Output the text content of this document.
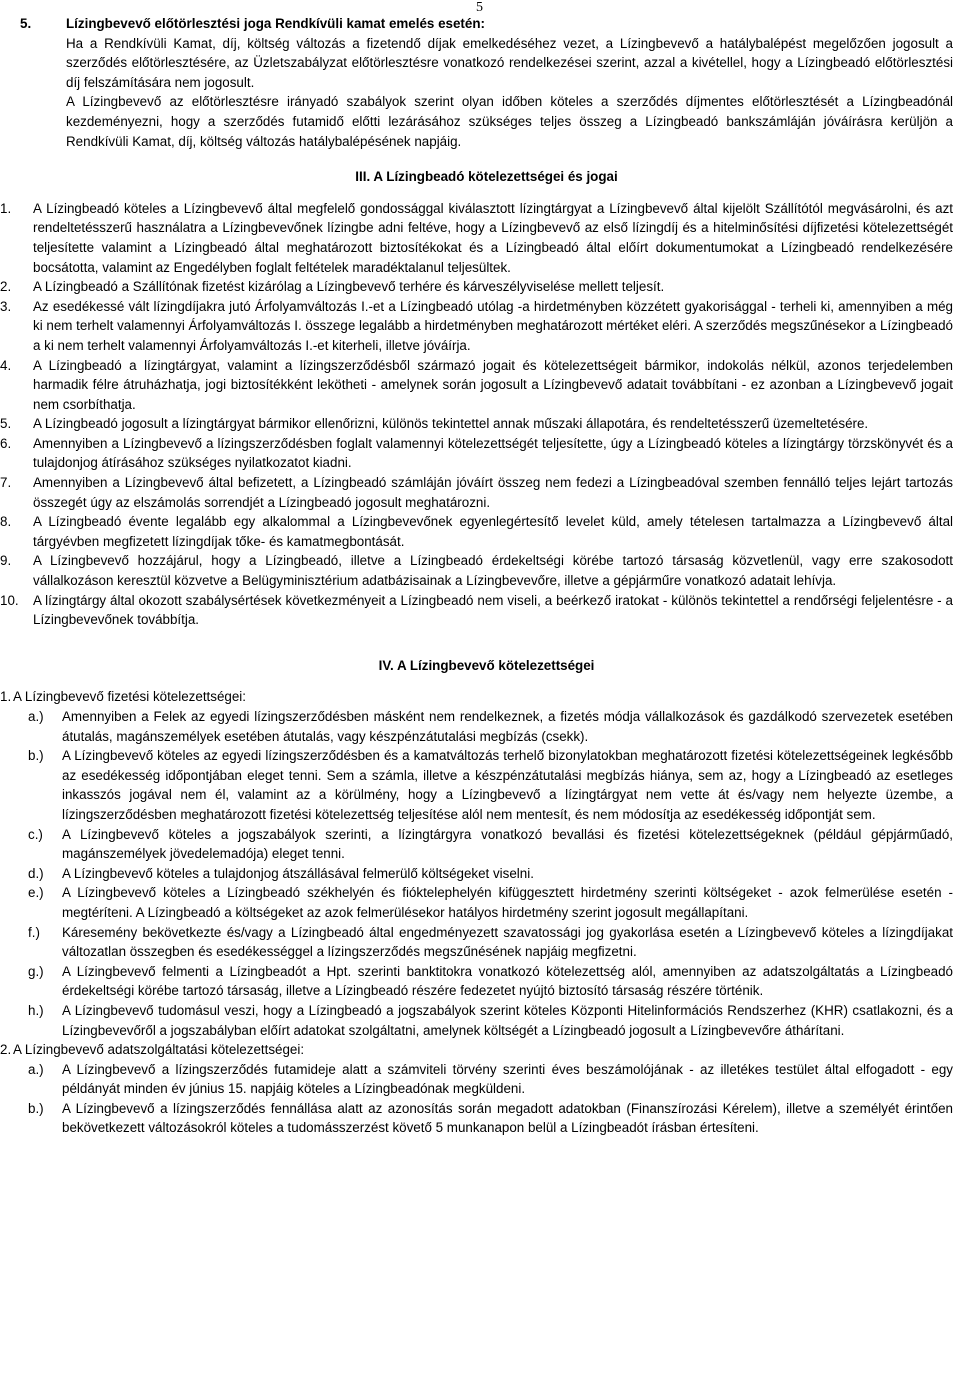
5
5.	Lízingbevevő előtörlesztési joga Rendkívüli kamat emelés esetén:
Ha a Rendkívüli Kamat, díj, költség változás a fizetendő díjak emelkedéséhez vezet, a Lízingbevevő a hatálybalépést megelőzően jogosult a szerződés előtörlesztésére, az Üzletszabályzat előtörlesztésre vonatkozó rendelkezései szerint, azzal a kivétellel, hogy a Lízingbeadó előtörlesztési díj felszámítására nem jogosult.
A Lízingbevevő az előtörlesztésre irányadó szabályok szerint olyan időben köteles a szerződés díjmentes előtörlesztését a Lízingbeadónál kezdeményezni, hogy a szerződés futamidő előtti lezárásához szükséges teljes összeg a Lízingbeadó bankszámláján jóváírásra kerüljön a Rendkívüli Kamat, díj, költség változás hatálybalépésének napjáig.
III. A Lízingbeadó kötelezettségei és jogai
1.	A Lízingbeadó köteles a Lízingbevevő által megfelelő gondossággal kiválasztott lízingtárgyat a Lízingbevevő által kijelölt Szállítótól megvásárolni, és azt rendeltetésszerű használatra a Lízingbevevőnek lízingbe adni feltéve, hogy a Lízingbevevő az első lízingdíj és a hitelminősítési díjfizetési kötelezettségét teljesítette valamint a Lízingbeadó által meghatározott biztosítékokat és a Lízingbeadó által előírt dokumentumokat a Lízingbeadó rendelkezésére bocsátotta, valamint az Engedélyben foglalt feltételek maradéktalanul teljesültek.
2.	A Lízingbeadó a Szállítónak fizetést kizárólag a Lízingbevevő terhére és kárveszélyviselése mellett teljesít.
3.	Az esedékessé vált lízingdíjakra jutó Árfolyamváltozás I.-et a Lízingbeadó utólag -a hirdetményben közzétett gyakorisággal - terheli ki, amennyiben a még ki nem terhelt valamennyi Árfolyamváltozás I. összege legalább a hirdetményben meghatározott mértéket eléri. A szerződés megszűnésekor a Lízingbeadó a ki nem terhelt valamennyi Árfolyamváltozás I.-et kiterheli, illetve jóváírja.
4.	A Lízingbeadó a lízingtárgyat, valamint a lízingszerződésből származó jogait és kötelezettségeit bármikor, indokolás nélkül, azonos terjedelemben harmadik félre átruházhatja, jogi biztosítékként lekötheti - amelynek során jogosult a Lízingbevevő adatait továbbítani - ez azonban a Lízingbevevő jogait nem csorbíthatja.
5.	A Lízingbeadó jogosult a lízingtárgyat bármikor ellenőrizni, különös tekintettel annak műszaki állapotára, és rendeltetésszerű üzemeltetésére.
6.	Amennyiben a Lízingbevevő a lízingszerződésben foglalt valamennyi kötelezettségét teljesítette, úgy a Lízingbeadó köteles a lízingtárgy törzskönyvét és a tulajdonjog átírásához szükséges nyilatkozatot kiadni.
7.	Amennyiben a Lízingbevevő által befizetett, a Lízingbeadó számláján jóváírt összeg nem fedezi a Lízingbeadóval szemben fennálló teljes lejárt tartozás összegét úgy az elszámolás sorrendjét a Lízingbeadó jogosult meghatározni.
8.	A Lízingbeadó évente legalább egy alkalommal a Lízingbevevőnek egyenlegértesítő levelet küld, amely tételesen tartalmazza a Lízingbevevő által tárgyévben megfizetett lízingdíjak tőke- és kamatmegbontását.
9.	A Lízingbevevő hozzájárul, hogy a Lízingbeadó, illetve a Lízingbeadó érdekeltségi körébe tartozó társaság közvetlenül, vagy erre szakosodott vállalkozáson keresztül közvetve a Belügyminisztérium adatbázisainak a Lízingbevevőre, illetve a gépjárműre vonatkozó adatait lehívja.
10.	A lízingtárgy által okozott szabálysértések következményeit a Lízingbeadó nem viseli, a beérkező iratokat - különös tekintettel a rendőrségi feljelentésre - a Lízingbevevőnek továbbítja.
IV. A Lízingbevevő kötelezettségei
1. A Lízingbevevő fizetési kötelezettségei:
a.)	Amennyiben a Felek az egyedi lízingszerződésben másként nem rendelkeznek, a fizetés módja vállalkozások és gazdálkodó szervezetek esetében átutalás, magánszemélyek esetében átutalás, vagy készpénzátutalási megbízás (csekk).
b.)	A Lízingbevevő köteles az egyedi lízingszerződésben és a kamatváltozás terhelő bizonylatokban meghatározott fizetési kötelezettségeinek legkésőbb az esedékesség időpontjában eleget tenni. Sem a számla, illetve a készpénzátutalási megbízás hiánya, sem az, hogy a Lízingbeadó az esetleges inkasszós jogával nem él, valamint az a körülmény, hogy a Lízingbevevő a lízingtárgyat nem vette át és/vagy nem helyezte üzembe, a lízingszerződésben meghatározott fizetési kötelezettség teljesítése alól nem mentesít, és nem módosítja az esedékesség időpontját sem.
c.)	A Lízingbevevő köteles a jogszabályok szerinti, a lízingtárgyra vonatkozó bevallási és fizetési kötelezettségeknek (például gépjárműadó, magánszemélyek jövedelemadója) eleget tenni.
d.)	A Lízingbevevő köteles a tulajdonjog átszállásával felmerülő költségeket viselni.
e.)	A Lízingbevevő köteles a Lízingbeadó székhelyén és fióktelephelyén kifüggesztett hirdetmény szerinti költségeket - azok felmerülése esetén - megtéríteni. A Lízingbeadó a költségeket az azok felmerülésekor hatályos hirdetmény szerint jogosult megállapítani.
f.)	Káresemény bekövetkezte és/vagy a Lízingbeadó által engedményezett szavatossági jog gyakorlása esetén a Lízingbevevő köteles a lízingdíjakat változatlan összegben és esedékességgel a lízingszerződés megszűnésének napjáig megfizetni.
g.)	A Lízingbevevő felmenti a Lízingbeadót a Hpt. szerinti banktitokra vonatkozó kötelezettség alól, amennyiben az adatszolgáltatás a Lízingbeadó érdekeltségi körébe tartozó társaság, illetve a Lízingbeadó részére fedezetet nyújtó biztosító társaság részére történik.
h.)	A Lízingbevevő tudomásul veszi, hogy a Lízingbeadó a jogszabályok szerint köteles Központi Hitelinformációs Rendszerhez (KHR) csatlakozni, és a Lízingbevevőről a jogszabályban előírt adatokat szolgáltatni, amelynek költségét a Lízingbeadó jogosult a Lízingbevevőre áthárítani.
2. A Lízingbevevő adatszolgáltatási kötelezettségei:
a.)	A Lízingbevevő a lízingszerződés futamideje alatt a számviteli törvény szerinti éves beszámolójának - az illetékes testület által elfogadott - egy példányát minden év június 15. napjáig köteles a Lízingbeadónak megküldeni.
b.)	A Lízingbevevő a lízingszerződés fennállása alatt az azonosítás során megadott adatokban (Finanszírozási Kérelem), illetve a személyét érintően bekövetkezett változásokról köteles a tudomásszerzést követő 5 munkanapon belül a Lízingbeadót írásban értesíteni.
